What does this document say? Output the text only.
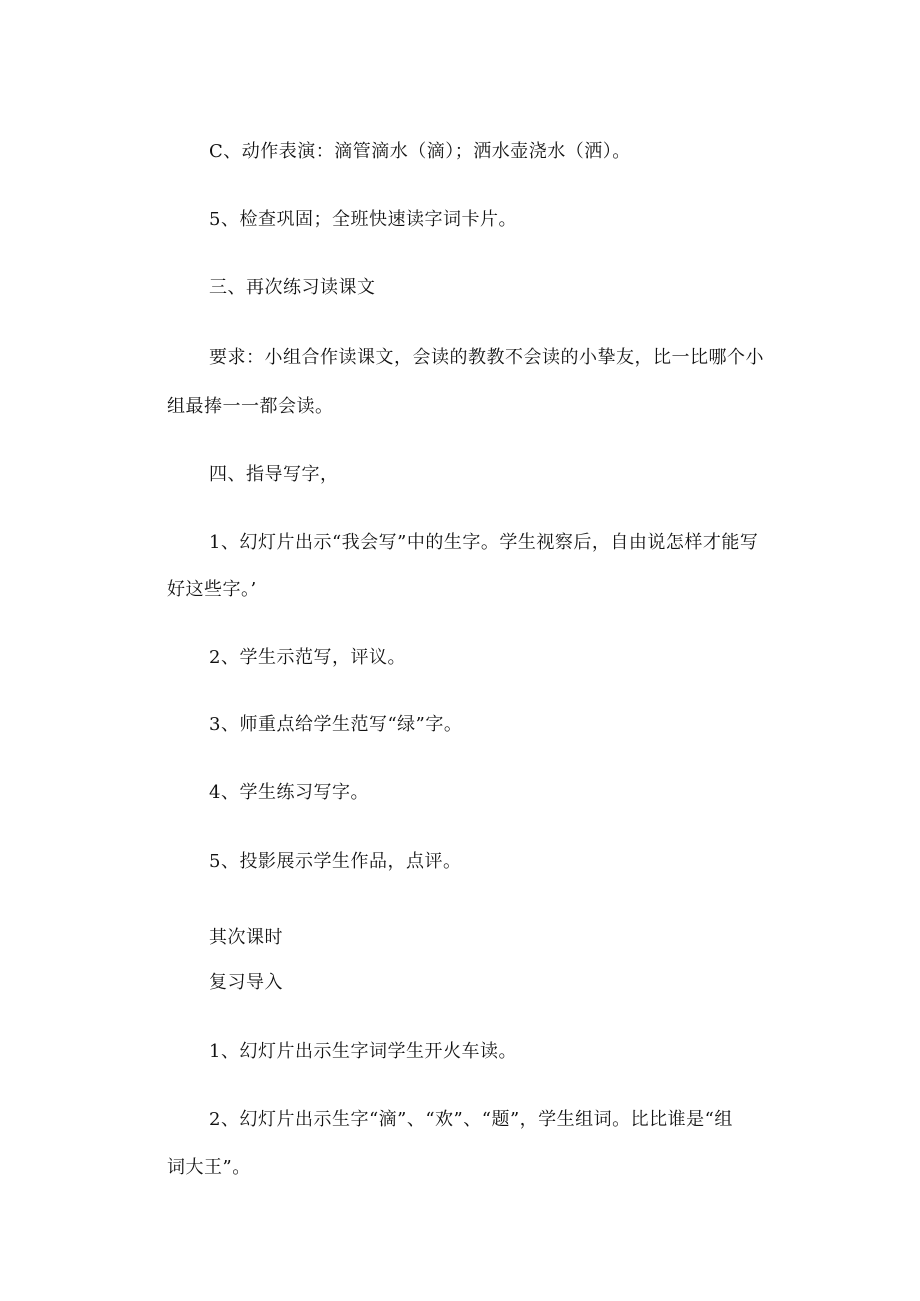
C、动作表演：滴管滴水（滴）；洒水壶浇水（洒）。
5、检查巩固；全班快速读字词卡片。
三、再次练习读课文
要求：小组合作读课文，会读的教教不会读的小挚友，比一比哪个小
组最捧一一都会读。
四、指导写字，
1、幻灯片出示“我会写”中的生字。学生视察后，自由说怎样才能写
好这些字。’
2、学生示范写，评议。
3、师重点给学生范写“绿”字。
4、学生练习写字。
5、投影展示学生作品，点评。
其次课时
复习导入
1、幻灯片出示生字词学生开火车读。
2、幻灯片出示生字“滴”、“欢”、“题”，学生组词。比比谁是“组
词大王”。
